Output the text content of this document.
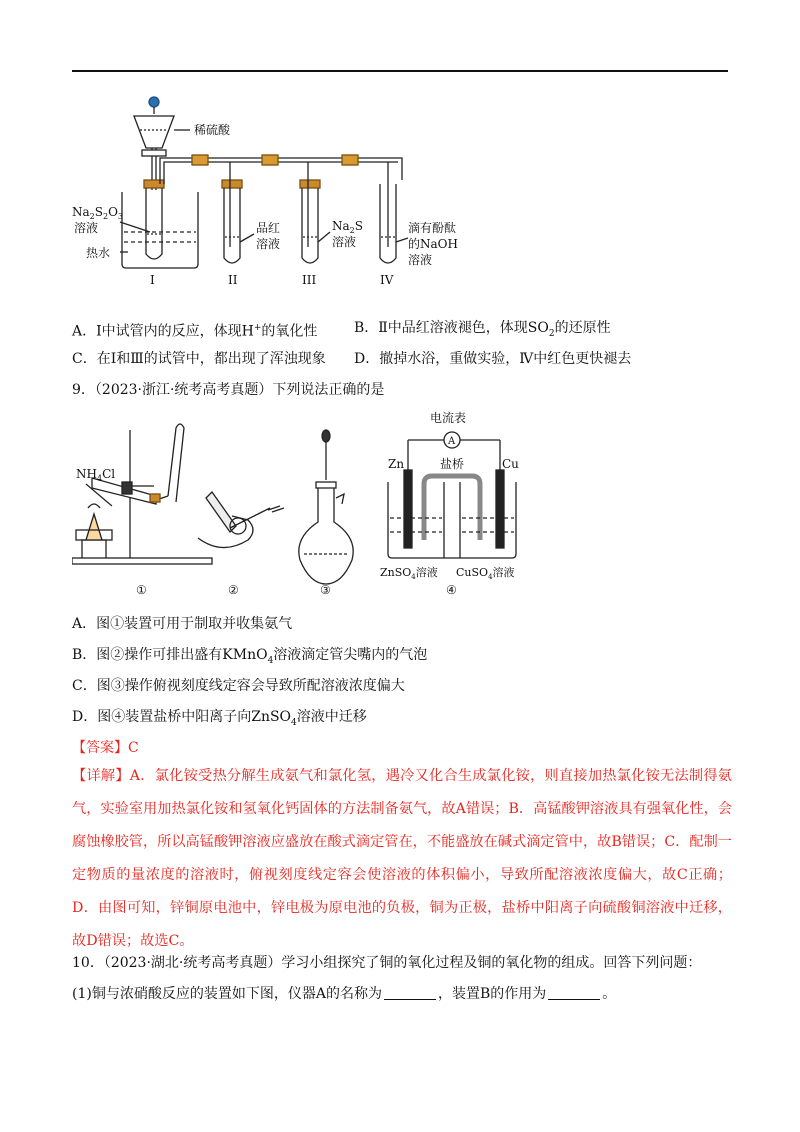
稀硫酸
$Na_2S_2O_3$
溶液
热水
品红
溶液
$Na_2S$
溶液
滴有酚酞
的NaOH
溶液
I	II	III	IV
A．Ⅰ中试管内的反应，体现H+的氧化性	B．Ⅱ中品红溶液褪色，体现$SO_2$的还原性
C．在Ⅰ和Ⅲ的试管中，都出现了浑浊现象 D．撤掉水浴，重做实验，Ⅳ中红色更快褪去
9．（2023·浙江·统考高考真题）下列说法正确的是
$NH_4Cl$
电流表
A
盐桥
Zn	Cu
ZnSO$_4$溶液 CuSO$_4$溶液
①	②	③	④
A．图①装置可用于制取并收集氨气
B．图②操作可排出盛有KMnO$_4$溶液滴定管尖嘴内的气泡
C．图③操作俯视刻度线定容会导致所配溶液浓度偏大
D．图④装置盐桥中阳离子向ZnSO$_4$溶液中迁移
【答案】C
【详解】A．氯化铵受热分解生成氨气和氯化氢，遇冷又化合生成氯化铵，则直接加热氯化铵无法制得氨气，实验室用加热氯化铵和氢氧化钙固体的方法制备氨气，故A错误；B．高锰酸钾溶液具有强氧化性，会腐蚀橡胶管，所以高锰酸钾溶液应盛放在酸式滴定管在，不能盛放在碱式滴定管中，故B错误；C．配制一定物质的量浓度的溶液时，俯视刻度线定容会使溶液的体积偏小，导致所配溶液浓度偏大，故C正确；D．由图可知，锌铜原电池中，锌电极为原电池的负极，铜为正极，盐桥中阳离子向硫酸铜溶液中迁移，故D错误；故选C。
10．（2023·湖北·统考高考真题）学习小组探究了铜的氧化过程及铜的氧化物的组成。回答下列问题：
(1)铜与浓硝酸反应的装置如下图，仪器A的名称为	，装置B的作用为	。
